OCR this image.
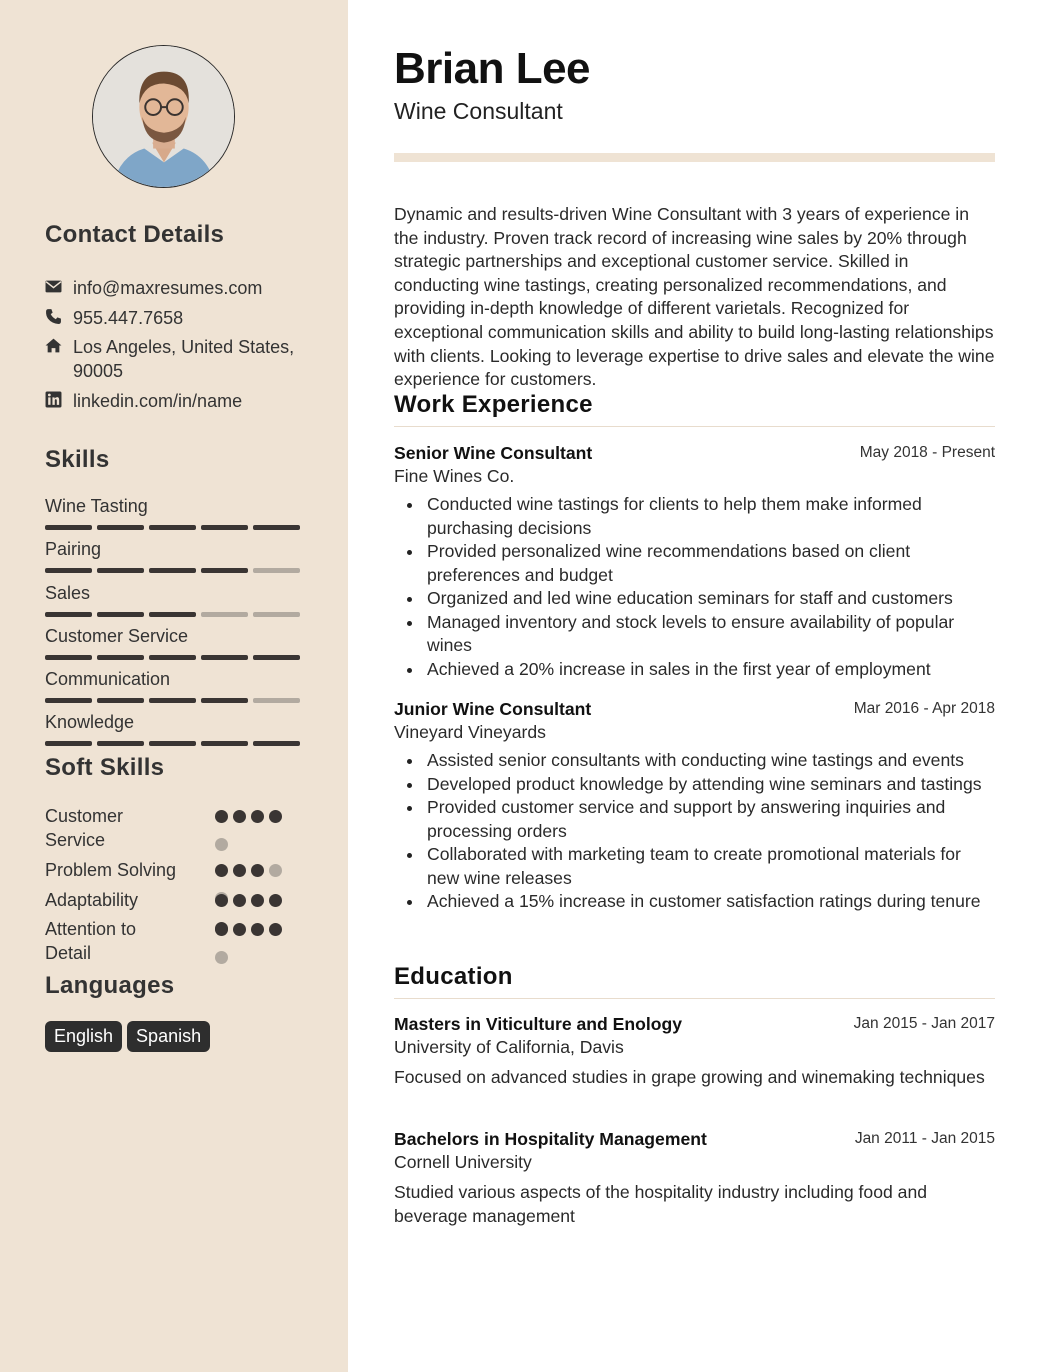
Contact Details
info@maxresumes.com
955.447.7658
Los Angeles, United States, 90005
linkedin.com/in/name
Skills
Wine Tasting
Pairing
Sales
Customer Service
Communication
Knowledge
Soft Skills
Customer Service
Problem Solving
Adaptability
Attention to Detail
Languages
English	Spanish
Brian Lee
Wine Consultant
Dynamic and results-driven Wine Consultant with 3 years of experience in the industry. Proven track record of increasing wine sales by 20% through strategic partnerships and exceptional customer service. Skilled in conducting wine tastings, creating personalized recommendations, and providing in-depth knowledge of different varietals. Recognized for exceptional communication skills and ability to build long-lasting relationships with clients. Looking to leverage expertise to drive sales and elevate the wine experience for customers.
Work Experience
Senior Wine Consultant	May 2018 - Present
Fine Wines Co.
Conducted wine tastings for clients to help them make informed purchasing decisions
Provided personalized wine recommendations based on client preferences and budget
Organized and led wine education seminars for staff and customers
Managed inventory and stock levels to ensure availability of popular wines
Achieved a 20% increase in sales in the first year of employment
Junior Wine Consultant	Mar 2016 - Apr 2018
Vineyard Vineyards
Assisted senior consultants with conducting wine tastings and events
Developed product knowledge by attending wine seminars and tastings
Provided customer service and support by answering inquiries and processing orders
Collaborated with marketing team to create promotional materials for new wine releases
Achieved a 15% increase in customer satisfaction ratings during tenure
Education
Masters in Viticulture and Enology	Jan 2015 - Jan 2017
University of California, Davis
Focused on advanced studies in grape growing and winemaking techniques
Bachelors in Hospitality Management	Jan 2011 - Jan 2015
Cornell University
Studied various aspects of the hospitality industry including food and beverage management
